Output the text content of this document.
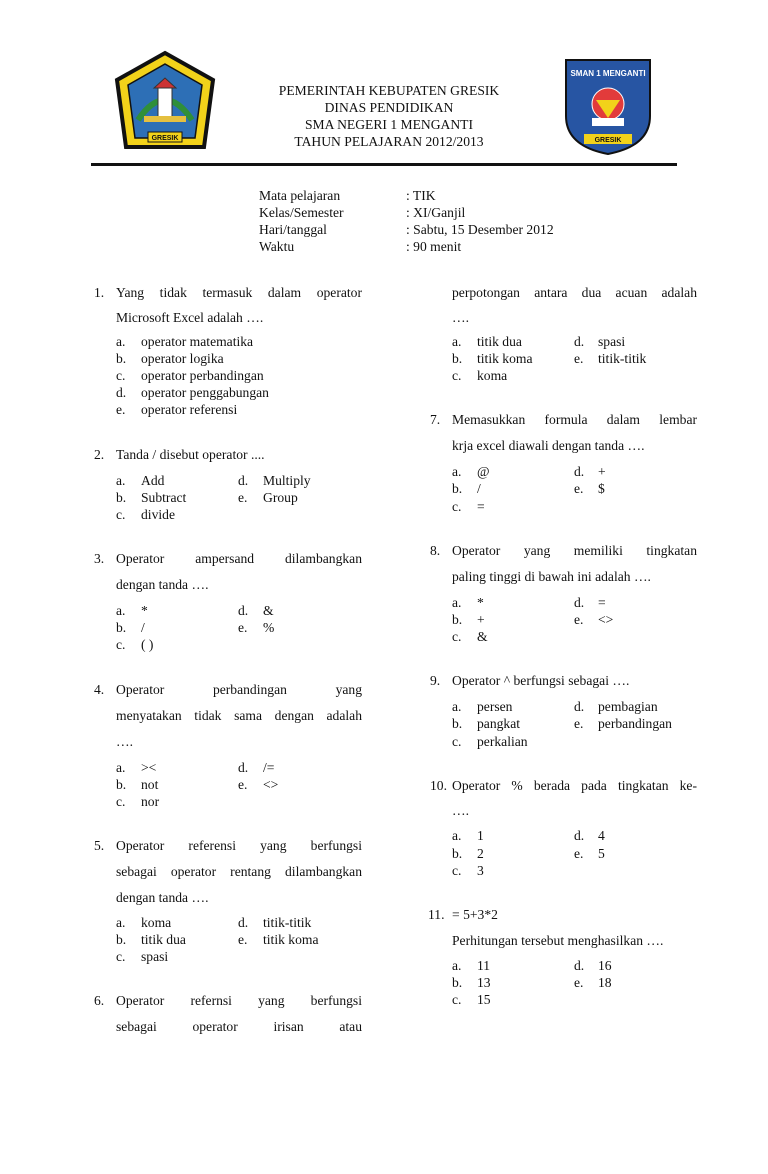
GRESIK
SMAN 1 MENGANTI
GRESIK
PEMERINTAH KEBUPATEN GRESIK
DINAS PENDIDIKAN
SMA NEGERI 1 MENGANTI
TAHUN PELAJARAN 2012/2013
Mata pelajaran	: TIK
Kelas/Semester	: XI/Ganjil
Hari/tanggal	: Sabtu, 15 Desember 2012
Waktu	: 90 menit
1. Yang tidak termasuk dalam operator
Microsoft Excel adalah ….
a. operator matematika
b. operator logika
c. operator perbandingan
d. operator penggabungan
e. operator referensi
2. Tanda / disebut operator ....
a. Add	d. Multiply
b. Subtract	e. Group
c. divide
3. Operator ampersand dilambangkan
dengan tanda ….
a. *	d. &
b. /	e. %
c. ( )
4. Operator perbandingan yang
menyatakan tidak sama dengan adalah
….
a. ><	d. /=
b. not	e. <>
c. nor
5. Operator referensi yang berfungsi
sebagai operator rentang dilambangkan
dengan tanda ….
a. koma	d. titik-titik
b. titik dua	e. titik koma
c. spasi
6. Operator refernsi yang berfungsi
sebagai operator irisan atau
perpotongan antara dua acuan adalah
….
a. titik dua	d. spasi
b. titik koma	e. titik-titik
c. koma
7. Memasukkan formula dalam lembar
krja excel diawali dengan tanda ….
a. @	d. +
b. /	e. $
c. =
8. Operator yang memiliki tingkatan
paling tinggi di bawah ini adalah ….
a. *	d. =
b. +	e. <>
c. &
9. Operator ^ berfungsi sebagai ….
a. persen	d. pembagian
b. pangkat	e. perbandingan
c. perkalian
10. Operator % berada pada tingkatan ke-
….
a. 1	d. 4
b. 2	e. 5
c. 3
11. = 5+3*2
Perhitungan tersebut menghasilkan ….
a. 11	d. 16
b. 13	e. 18
c. 15
